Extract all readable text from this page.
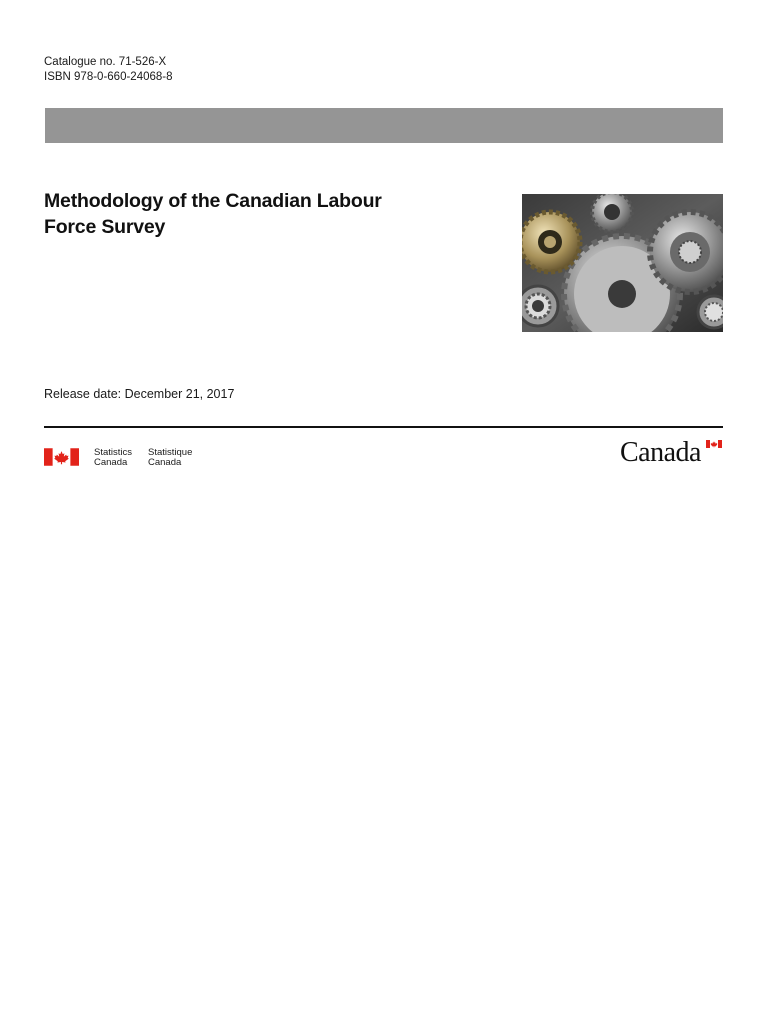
Catalogue no. 71-526-X
ISBN 978-0-660-24068-8
Methodology of the Canadian Labour
Force Survey
Release date: December 21, 2017
Statistics
Canada
Statistique
Canada	Canada
